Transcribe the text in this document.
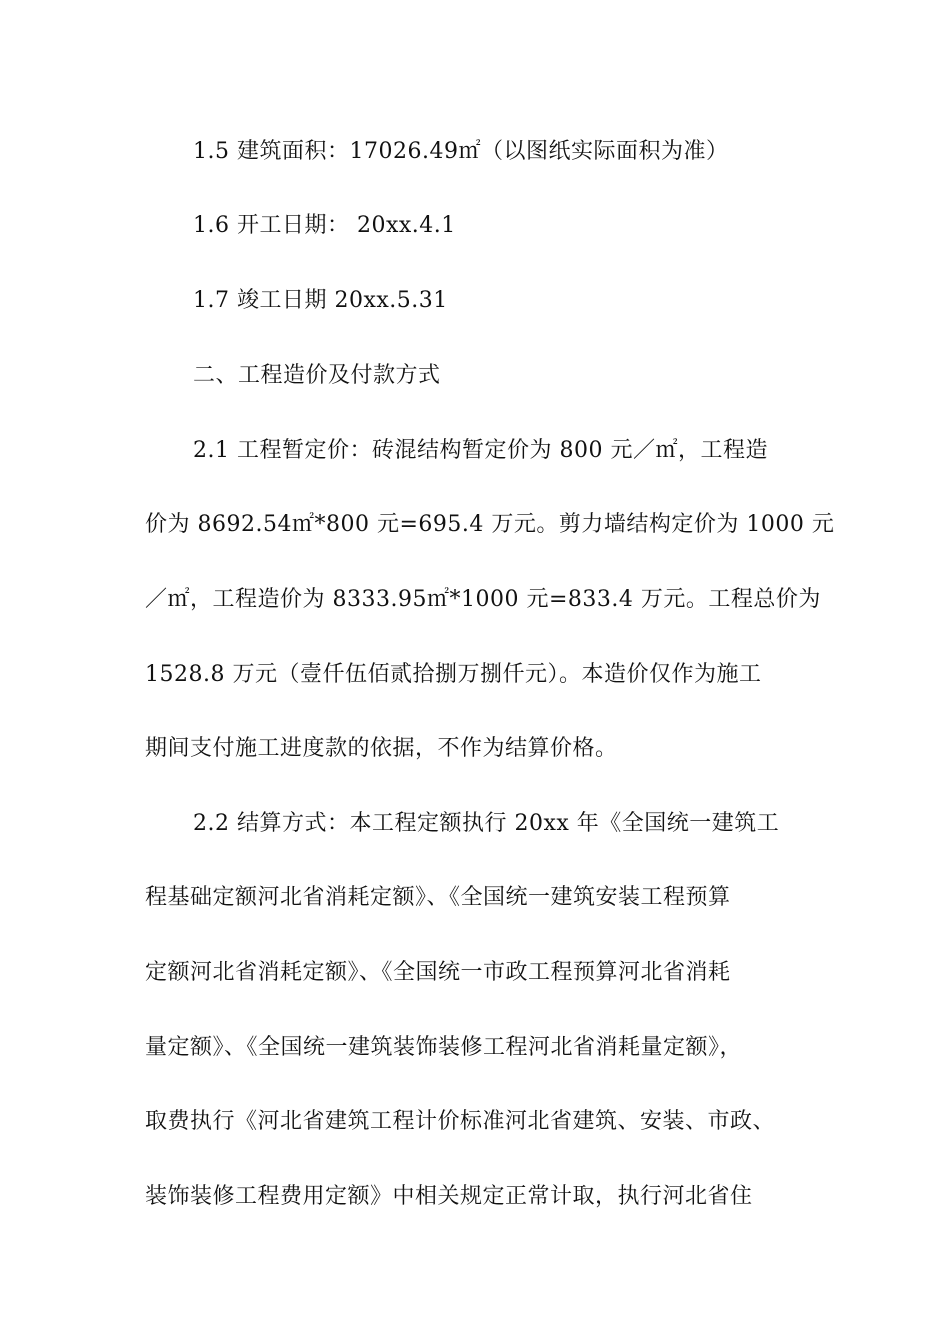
1.5 建筑面积：17026.49㎡（以图纸实际面积为准）
1.6 开工日期： 20xx.4.1
1.7 竣工日期 20xx.5.31
二、工程造价及付款方式
2.1 工程暂定价：砖混结构暂定价为 800 元／㎡，工程造
价为 8692.54㎡*800 元=695.4 万元。剪力墙结构定价为 1000 元
／㎡，工程造价为 8333.95㎡*1000 元=833.4 万元。工程总价为
1528.8 万元（壹仟伍佰贰拾捌万捌仟元）。本造价仅作为施工
期间支付施工进度款的依据，不作为结算价格。
2.2 结算方式：本工程定额执行 20xx 年《全国统一建筑工
程基础定额河北省消耗定额》、《全国统一建筑安装工程预算
定额河北省消耗定额》、《全国统一市政工程预算河北省消耗
量定额》、《全国统一建筑装饰装修工程河北省消耗量定额》，
取费执行《河北省建筑工程计价标准河北省建筑、安装、市政、
装饰装修工程费用定额》中相关规定正常计取，执行河北省住
